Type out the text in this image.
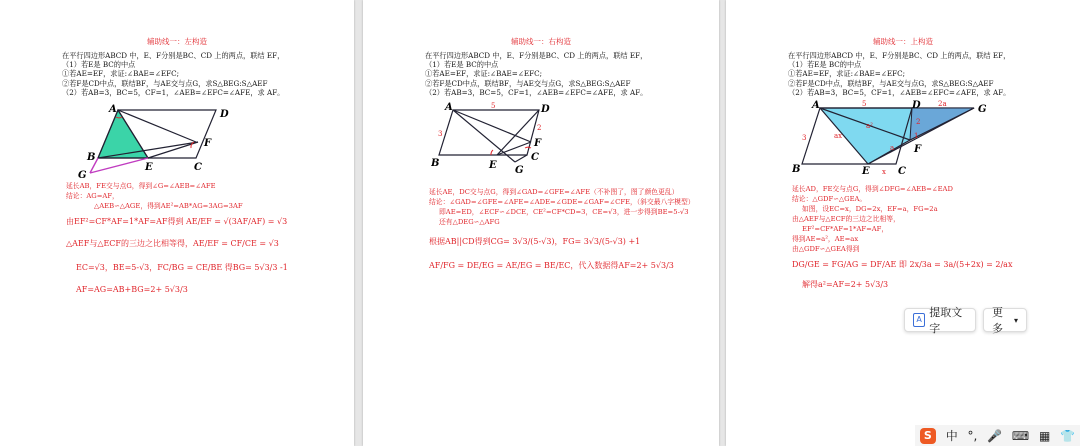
辅助线一：左构造
在平行四边形ABCD 中，E、F分别是BC、CD 上的两点，联结 EF，
（1）若E是 BC的中点
①若AE=EF，求证:∠BAE=∠EFC;
②若F是CD中点，联结BF，与AE交与点G，求S△BEG:S△AEF
（2）若AB=3，BC=5，CF=1，∠AEB=∠EFC=∠AFE，求 AF。
A	D
B
E	C
F
G
延长AB，FE交与点G，得到∠G=∠AEB=∠AFE
结论：AG=AF，
△AEB∽△AGE，得到AE²=AB*AG=3AG=3AF
由EF²=CF*AF=1*AF=AF得到 AE/EF = √(3AF/AF) = √3
△AEF与△ECF的三边之比相等得，AE/EF = CF/CE = √3
EC=√3，BE=5-√3，FC/BG = CE/BE 得BG= 5√3/3 -1
AF=AG=AB+BG=2+ 5√3/3
辅助线一：右构造
在平行四边形ABCD 中，E、F分别是BC、CD 上的两点，联结 EF，
（1）若E是 BC的中点
①若AE=EF，求证:∠BAE=∠EFC;
②若F是CD中点，联结BF，与AE交与点G，求S△BEG:S△AEF
（2）若AB=3，BC=5，CF=1，∠AEB=∠EFC=∠AFE，求 AF。
A	D
B	E
C
F
G
5
3
2
延长AE，DC交与点G，得到∠GAD=∠GFE=∠AFE（不补图了，图了颜色更乱）
结论：∠GAD=∠GFE=∠AFE=∠ADE=∠GDE=∠GAF=∠CFE，（斜交最八字模型）
即AE=ED，∠ECF∽∠DCE，CE²=CF*CD=3，CE=√3，进一步得到BE=5-√3
还有△DEG∽△AFG
根据AB||CD得到CG= 3√3/(5-√3)，FG= 3√3/(5-√3) +1
AF/FG = DE/EG = AE/EG = BE/EC，代入数据得AF=2+ 5√3/3
辅助线一：上构造
在平行四边形ABCD 中，E、F分别是BC、CD 上的两点，联结 EF，
（1）若E是 BC的中点
①若AE=EF，求证:∠BAE=∠EFC;
②若F是CD中点，联结BF，与AE交与点G，求S△BEG:S△AEF
（2）若AB=3，BC=5，CF=1，∠AEB=∠EFC=∠AFE，求 AF。
A	D	G
B	E	C
F
5	2a
3	ax
a²
a
2
1
x
延长AD，FE交与点G，得到∠DFG=∠AEB=∠EAD
结论：△GDF∽△GEA。
如图，设EC=x，DG=2x，EF=a，FG=2a
由△AEF与△ECF的三边之比相等，
EF²=CF*AF=1*AF=AF，
得到AE=a²，AE=ax
由△GDF∽△GEA得到
DG/GE = FG/AG = DF/AE 即 2x/3a = 3a/(5+2x) = 2/ax
解得a²=AF=2+ 5√3/3
A
提取文字
更多
▾
S	中 °, 🎤 ⌨ ▦ 👕
